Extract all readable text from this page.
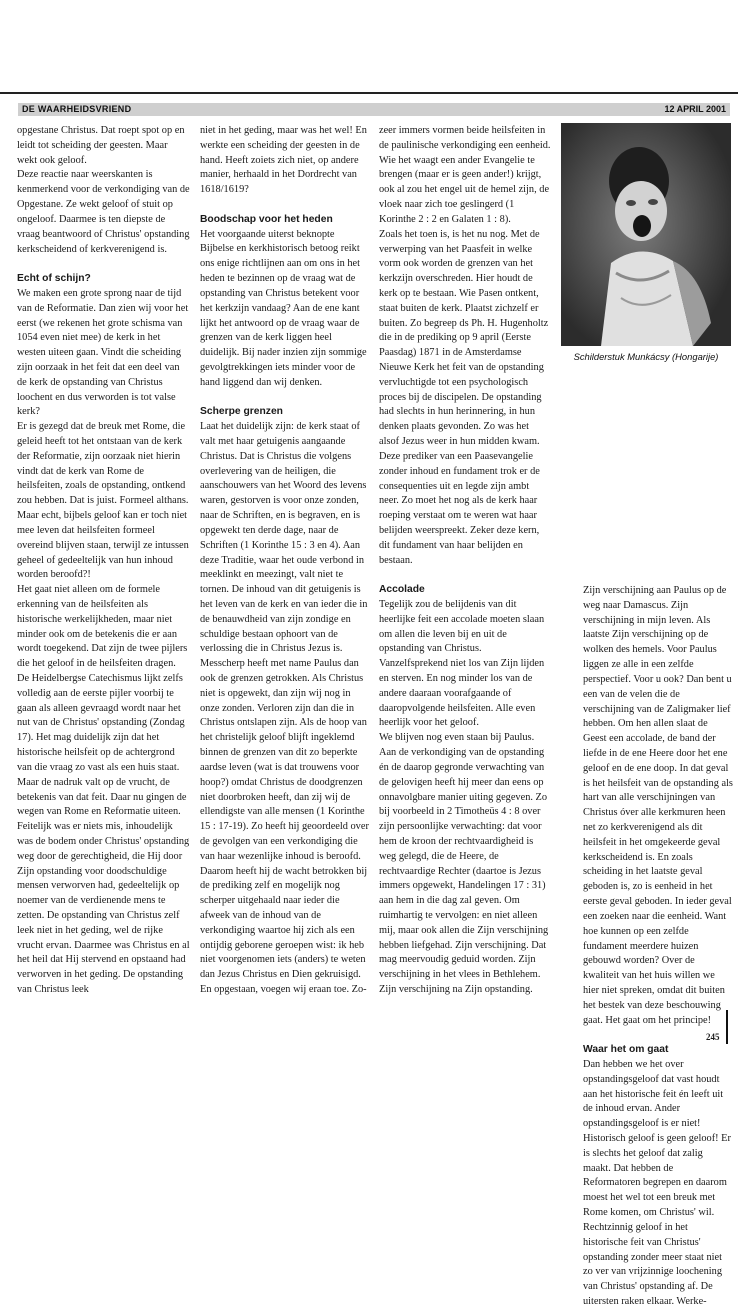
DE WAARHEIDSVRIEND	12 APRIL 2001

opgestane Christus. Dat roept spot op en leidt tot scheiding der geesten. Maar wekt ook geloof.

Deze reactie naar weerskanten is kenmerkend voor de verkondiging van de Opgestane. Ze wekt geloof of stuit op ongeloof. Daarmee is ten diepste de vraag beantwoord of Christus' opstanding kerkscheidend of kerkverenigend is.

Echt of schijn?

We maken een grote sprong naar de tijd van de Reformatie. Dan zien wij voor het eerst (we rekenen het grote schisma van 1054 even niet mee) de kerk in het westen uiteen gaan. Vindt die scheiding zijn oorzaak in het feit dat een deel van de kerk de opstanding van Christus loochent en dus verworden is tot valse kerk?

Er is gezegd dat de breuk met Rome, die geleid heeft tot het ontstaan van de kerk der Reformatie, zijn oorzaak niet hierin vindt dat de kerk van Rome de heilsfeiten, zoals de opstanding, ontkend zou hebben. Dat is juist. Formeel althans. Maar echt, bijbels geloof kan er toch niet mee leven dat heilsfeiten formeel overeind blijven staan, terwijl ze intussen geheel of gedeeltelijk van hun inhoud worden beroofd?!

Het gaat niet alleen om de formele erkenning van de heilsfeiten als historische werkelijkheden, maar niet minder ook om de betekenis die er aan wordt toegekend. Dat zijn de twee pijlers die het geloof in de heilsfeiten dragen. De Heidelbergse Catechismus lijkt zelfs volledig aan de eerste pijler voorbij te gaan als alleen gevraagd wordt naar het nut van de Christus' opstanding (Zondag 17). Het mag duidelijk zijn dat het historische heilsfeit op de achtergrond van die vraag zo vast als een huis staat. Maar de nadruk valt op de vrucht, de betekenis van dat feit. Daar nu gingen de wegen van Rome en Reformatie uiteen. Feitelijk was er niets mis, inhoudelijk was de bodem onder Christus' opstanding weg door de gerechtigheid, die Hij door Zijn opstanding voor doodschuldige mensen verworven had, gedeeltelijk op noemer van de verdienende mens te zetten. De opstanding van Christus zelf leek niet in het geding, wel de rijke vrucht ervan. Daarmee was Christus en al het heil dat Hij stervend en opstaand had verworven in het geding. De opstanding van Christus leek

niet in het geding, maar was het wel! En werkte een scheiding der geesten in de hand. Heeft zoiets zich niet, op andere manier, herhaald in het Dordrecht van 1618/1619?

Boodschap voor het heden

Het voorgaande uiterst beknopte Bijbelse en kerkhistorisch betoog reikt ons enige richtlijnen aan om ons in het heden te bezinnen op de vraag wat de opstanding van Christus betekent voor het kerkzijn vandaag? Aan de ene kant lijkt het antwoord op de vraag waar de grenzen van de kerk liggen heel duidelijk. Bij nader inzien zijn sommige gevolgtrekkingen iets minder voor de hand liggend dan wij denken.

Scherpe grenzen

Laat het duidelijk zijn: de kerk staat of valt met haar getuigenis aangaande Christus. Dat is Christus die volgens overlevering van de heiligen, die aanschouwers van het Woord des levens waren, gestorven is voor onze zonden, naar de Schriften, en is begraven, en is opgewekt ten derde dage, naar de Schriften (1 Korinthe 15 : 3 en 4). Aan deze Traditie, waar het oude verbond in meeklinkt en meezingt, valt niet te tornen. De inhoud van dit getuigenis is het leven van de kerk en van ieder die in de benauwdheid van zijn zondige en schuldige bestaan ophoort van de verlossing die in Christus Jezus is. Messcherp heeft met name Paulus dan ook de grenzen getrokken. Als Christus niet is opgewekt, dan zijn wij nog in onze zonden. Verloren zijn dan die in Christus ontslapen zijn. Als de hoop van het christelijk geloof blijft ingeklemd binnen de grenzen van dit zo beperkte aardse leven (wat is dat trouwens voor hoop?) omdat Christus de doodgrenzen niet doorbroken heeft, dan zij wij de ellendigste van alle mensen (1 Korinthe 15 : 17-19). Zo heeft hij geoordeeld over de gevolgen van een verkondiging die van haar wezenlijke inhoud is beroofd. Daarom heeft hij de wacht betrokken bij de prediking zelf en mogelijk nog scherper uitgehaald naar ieder die afweek van de inhoud van de verkondiging waartoe hij zich als een ontijdig geborene geroepen wist: ik heb niet voorgenomen iets (anders) te weten dan Jezus Christus en Dien gekruisigd. En opgestaan, voegen wij eraan toe. Zo-

zeer immers vormen beide heilsfeiten in de paulinische verkondiging een eenheid. Wie het waagt een ander Evangelie te brengen (maar er is geen ander!) krijgt, ook al zou het engel uit de hemel zijn, de vloek naar zich toe geslingerd (1 Korinthe 2 : 2 en Galaten 1 : 8).

Zoals het toen is, is het nu nog. Met de verwerping van het Paasfeit in welke vorm ook worden de grenzen van het kerkzijn overschreden. Hier houdt de kerk op te bestaan. Wie Pasen ontkent, staat buiten de kerk. Plaatst zichzelf er buiten. Zo begreep ds Ph. H. Hugenholtz die in de prediking op 9 april (Eerste Paasdag) 1871 in de Amsterdamse Nieuwe Kerk het feit van de opstanding vervluchtigde tot een psychologisch proces bij de discipelen. De opstanding had slechts in hun herinnering, in hun denken plaats gevonden. Zo was het alsof Jezus weer in hun midden kwam. Deze prediker van een Paasevangelie zonder inhoud en fundament trok er de consequenties uit en legde zijn ambt neer. Zo moet het nog als de kerk haar roeping verstaat om te weren wat haar belijden weerspreekt. Zeker deze kern, dit fundament van haar belijden en bestaan.

Accolade

Tegelijk zou de belijdenis van dit heerlijke feit een accolade moeten slaan om allen die leven bij en uit de opstanding van Christus. Vanzelfsprekend niet los van Zijn lijden en sterven. En nog minder los van de andere daaraan voorafgaande of daaropvolgende heilsfeiten. Alle even heerlijk voor het geloof.

We blijven nog even staan bij Paulus. Aan de verkondiging van de opstanding én de daarop gegronde verwachting van de gelovigen heeft hij meer dan eens op onnavolgbare manier uiting gegeven. Zo bij voorbeeld in 2 Timotheüs 4 : 8 over zijn persoonlijke verwachting: dat voor hem de kroon der rechtvaardigheid is weg gelegd, die de Heere, de rechtvaardige Rechter (daartoe is Jezus immers opgewekt, Handelingen 17 : 31) aan hem in die dag zal geven. Om ruimhartig te vervolgen: en niet alleen mij, maar ook allen die Zijn verschijning hebben liefgehad. Zijn verschijning. Dat mag meervoudig geduid worden. Zijn verschijning in het vlees in Bethlehem. Zijn verschijning na Zijn opstanding.

Zijn verschijning aan Paulus op de weg naar Damascus. Zijn verschijning in mijn leven. Als laatste Zijn verschijning op de wolken des hemels. Voor Paulus liggen ze alle in een zelfde perspectief. Voor u ook? Dan bent u een van de velen die de verschijning van de Zaligmaker lief hebben. Om hen allen slaat de Geest een accolade, de band der liefde in de ene Heere door het ene geloof en de ene doop. In dat geval is het heilsfeit van de opstanding als hart van alle verschijningen van Christus óver alle kerkmuren heen net zo kerkverenigend als dit heilsfeit in het omgekeerde geval kerkscheidend is. En zoals scheiding in het laatste geval geboden is, zo is eenheid in het eerste geval geboden. In ieder geval een zoeken naar die eenheid. Want hoe kunnen op een zelfde fundament meerdere huizen gebouwd worden? Over de kwaliteit van het huis willen we hier niet spreken, omdat dit buiten het bestek van deze beschouwing gaat. Het gaat om het principe!

Waar het om gaat

Dan hebben we het over opstandingsgeloof dat vast houdt aan het historische feit én leeft uit de inhoud ervan. Ander opstandingsgeloof is er niet! Historisch geloof is geen geloof! Er is slechts het geloof dat zalig maakt. Dat hebben de Reformatoren begrepen en daarom moest het wel tot een breuk met Rome komen, om Christus' wil. Rechtzinnig geloof in het historische feit van Christus' opstanding zonder meer staat niet zo ver van vrijzinnige loochening van Christus' opstanding af. De uitersten raken elkaar. Werke-

Schilderstuk Munkácsy (Hongarije)
245
